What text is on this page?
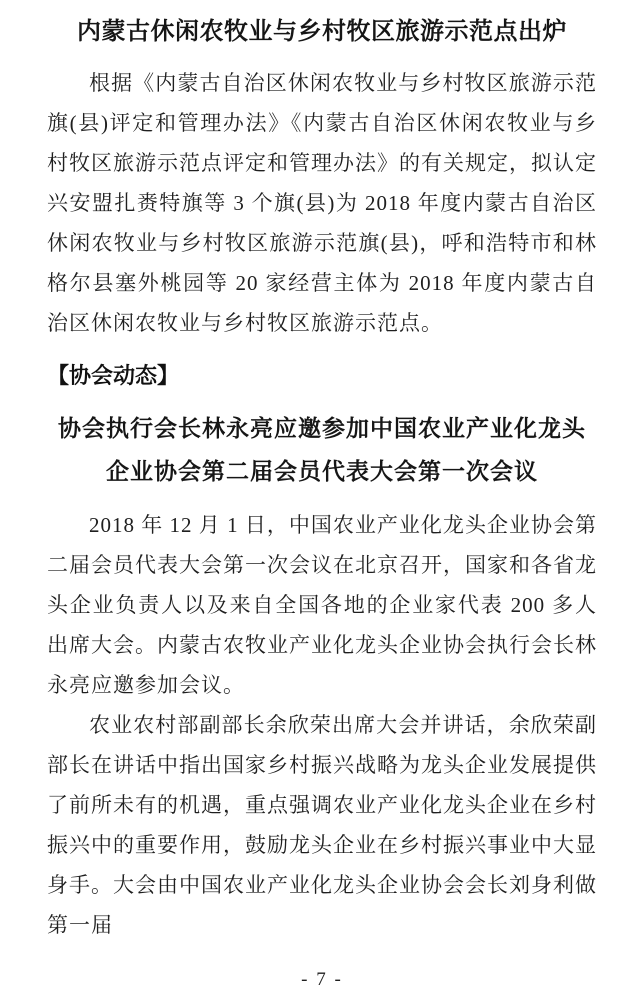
内蒙古休闲农牧业与乡村牧区旅游示范点出炉

根据《内蒙古自治区休闲农牧业与乡村牧区旅游示范旗(县)评定和管理办法》《内蒙古自治区休闲农牧业与乡村牧区旅游示范点评定和管理办法》的有关规定，拟认定兴安盟扎赉特旗等 3 个旗(县)为 2018 年度内蒙古自治区休闲农牧业与乡村牧区旅游示范旗(县)，呼和浩特市和林格尔县塞外桃园等 20 家经营主体为 2018 年度内蒙古自治区休闲农牧业与乡村牧区旅游示范点。

【协会动态】
协会执行会长林永亮应邀参加中国农业产业化龙头企业协会第二届会员代表大会第一次会议

2018 年 12 月 1 日，中国农业产业化龙头企业协会第二届会员代表大会第一次会议在北京召开，国家和各省龙头企业负责人以及来自全国各地的企业家代表 200 多人出席大会。内蒙古农牧业产业化龙头企业协会执行会长林永亮应邀参加会议。

农业农村部副部长余欣荣出席大会并讲话，余欣荣副部长在讲话中指出国家乡村振兴战略为龙头企业发展提供了前所未有的机遇，重点强调农业产业化龙头企业在乡村振兴中的重要作用，鼓励龙头企业在乡村振兴事业中大显身手。大会由中国农业产业化龙头企业协会会长刘身利做第一届

- 7 -
